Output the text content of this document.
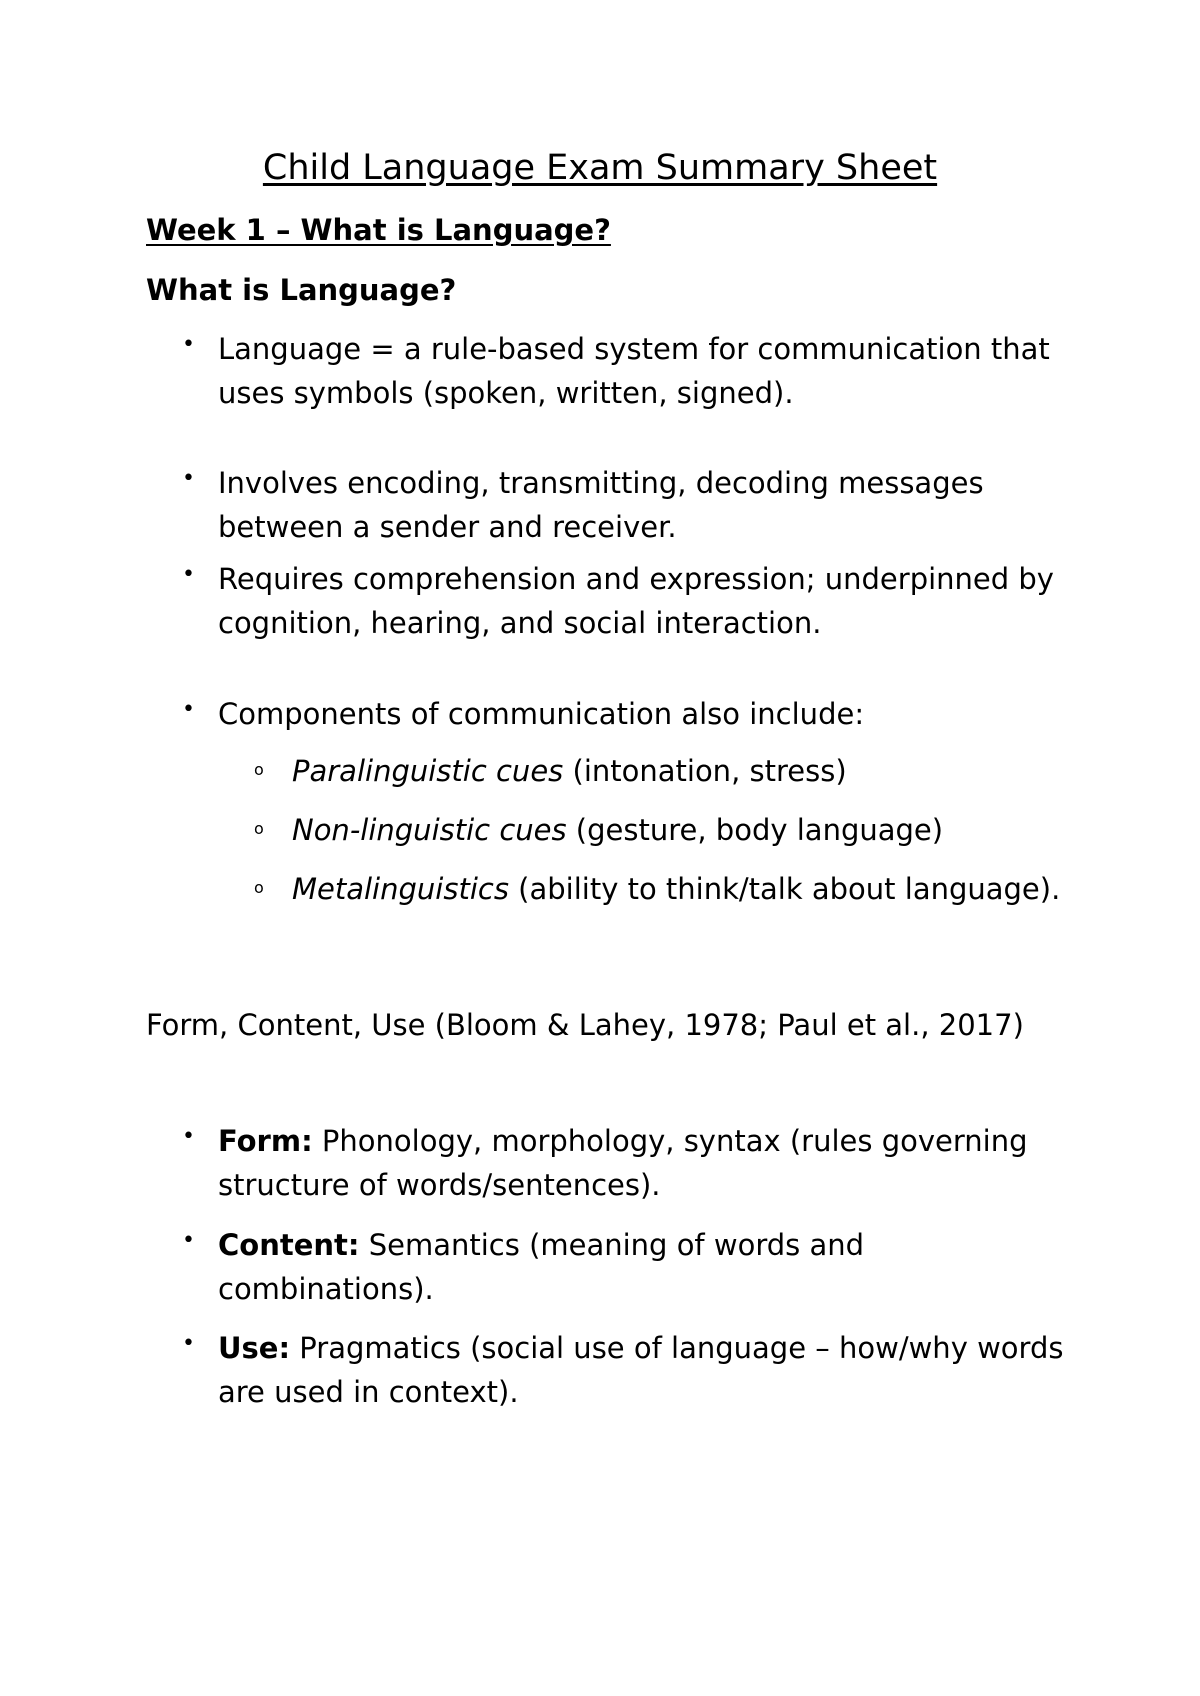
Child Language Exam Summary Sheet
Week 1 – What is Language?
What is Language?
• Language = a rule-based system for communication that uses symbols (spoken, written, signed).
• Involves encoding, transmitting, decoding messages between a sender and receiver.
• Requires comprehension and expression; underpinned by cognition, hearing, and social interaction.
• Components of communication also include:
o Paralinguistic cues (intonation, stress)
o Non-linguistic cues (gesture, body language)
o Metalinguistics (ability to think/talk about language).
Form, Content, Use (Bloom & Lahey, 1978; Paul et al., 2017)
• Form: Phonology, morphology, syntax (rules governing structure of words/sentences).
• Content: Semantics (meaning of words and combinations).
• Use: Pragmatics (social use of language – how/why words are used in context).
